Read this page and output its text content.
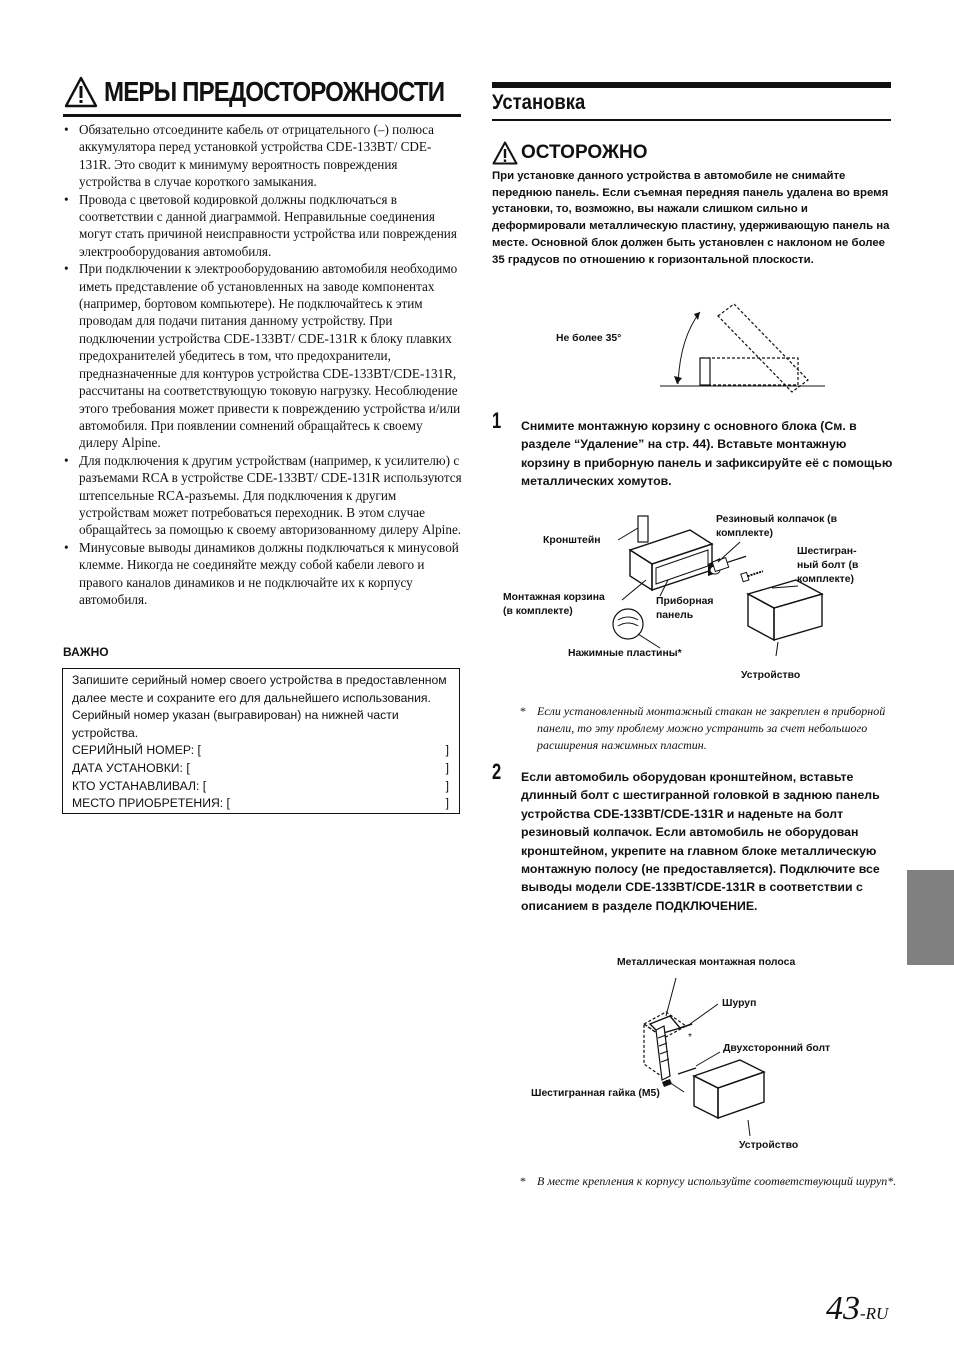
МЕРЫ ПРЕДОСТОРОЖНОСТИ
• Обязательно отсоедините кабель от отрицательного (–) полюса аккумулятора перед установкой устройства CDE-133BT/ CDE-131R. Это сводит к минимуму вероятность повреждения устройства в случае короткого замыкания.
• Провода с цветовой кодировкой должны подключаться в соответствии с данной диаграммой. Неправильные соединения могут стать причиной неисправности устройства или повреждения электрооборудования автомобиля.
• При подключении к электрооборудованию автомобиля необходимо иметь представление об установленных на заводе компонентах (например, бортовом компьютере). Не подключайтесь к этим проводам для подачи питания данному устройству. При подключении устройства CDE-133BT/ CDE-131R к блоку плавких предохранителей убедитесь в том, что предохранители, предназначенные для контуров устройства CDE-133BT/CDE-131R, рассчитаны на соответствующую токовую нагрузку. Несоблюдение этого требования может привести к повреждению устройства и/или автомобиля. При появлении сомнений обращайтесь к своему дилеру Alpine.
• Для подключения к другим устройствам (например, к усилителю) с разъемами RCA в устройстве CDE-133BT/ CDE-131R используются штепсельные RCA-разъемы. Для подключения к другим устройствам может потребоваться переходник. В этом случае обращайтесь за помощью к своему авторизованному дилеру Alpine.
• Минусовые выводы динамиков должны подключаться к минусовой клемме. Никогда не соединяйте между собой кабели левого и правого каналов динамиков и не подключайте их к корпусу автомобиля.
ВАЖНО
Запишите серийный номер своего устройства в предоставленном далее месте и сохраните его для дальнейшего использования. Серийный номер указан (выгравирован) на нижней части устройства.
СЕРИЙНЫЙ НОМЕР: [	]
ДАТА УСТАНОВКИ: [	]
КТО УСТАНАВЛИВАЛ: [	]
МЕСТО ПРИОБРЕТЕНИЯ: [	]
Установка
ОСТОРОЖНО

При установке данного устройства в автомобиле не снимайте переднюю панель. Если съемная передняя панель удалена во время установки, то, возможно, вы нажали слишком сильно и деформировали металлическую пластину, удерживающую панель на месте. Основной блок должен быть установлен с наклоном не более 35 градусов по отношению к горизонтальной плоскости.

Не более 35°
1 Снимите монтажную корзину с основного блока (См. в разделе “Удаление” на стр. 44). Вставьте монтажную корзину в приборную панель и зафиксируйте её с помощью металлических хомутов.

Кронштейн
Резиновый колпачок (в комплекте)
Шестигран- ный болт (в комплекте)
Монтажная корзина (в комплекте)
Приборная панель
Нажимные пластины*
Устройство
* Если установленный монтажный стакан не закреплен в приборной панели, то эту проблему можно устранить за счет небольшого расширения нажимных пластин.
2 Если автомобиль оборудован кронштейном, вставьте длинный болт с шестигранной головкой в заднюю панель устройства CDE-133BT/CDE-131R и наденьте на болт резиновый колпачок. Если автомобиль не оборудован кронштейном, укрепите на главном блоке металлическую монтажную полосу (не предоставляется). Подключите все выводы модели CDE-133BT/CDE-131R в соответствии с описанием в разделе ПОДКЛЮЧЕНИЕ.

Металлическая монтажная полоса
Шуруп
Двухсторонний болт
Шестигранная гайка (M5)
Устройство
*
* В месте крепления к корпусу используйте соответствующий шуруп*.
43-RU
